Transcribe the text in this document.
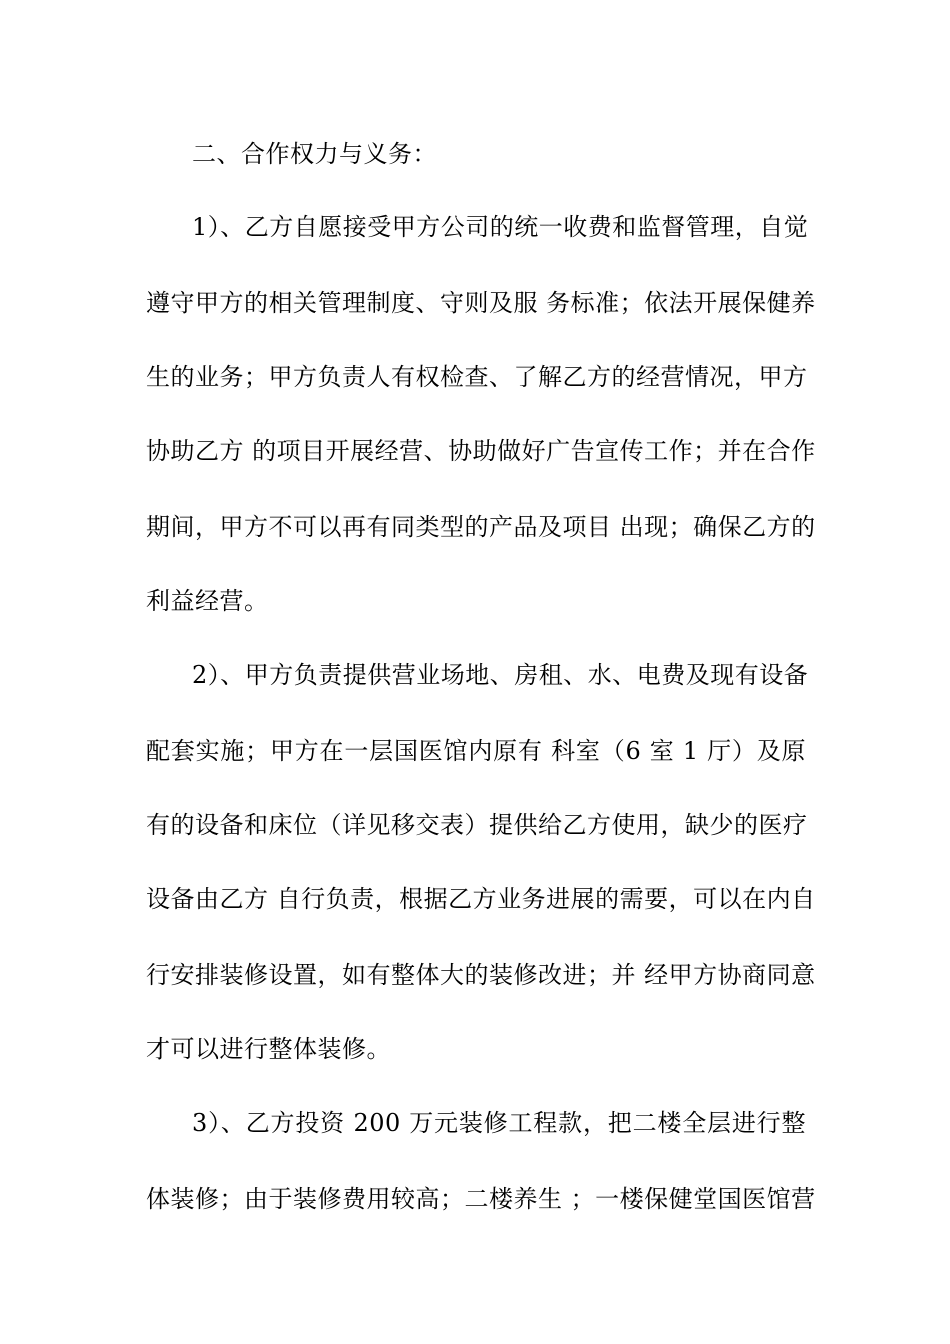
二、合作权力与义务：
1）、乙方自愿接受甲方公司的统一收费和监督管理，自觉
遵守甲方的相关管理制度、守则及服 务标准；依法开展保健养
生的业务；甲方负责人有权检查、了解乙方的经营情况，甲方
协助乙方 的项目开展经营、协助做好广告宣传工作；并在合作
期间，甲方不可以再有同类型的产品及项目 出现；确保乙方的
利益经营。
2）、甲方负责提供营业场地、房租、水、电费及现有设备
配套实施；甲方在一层国医馆内原有 科室（6 室 1 厅）及原
有的设备和床位（详见移交表）提供给乙方使用，缺少的医疗
设备由乙方 自行负责，根据乙方业务进展的需要，可以在内自
行安排装修设置，如有整体大的装修改进；并 经甲方协商同意
才可以进行整体装修。
3）、乙方投资 200 万元装修工程款，把二楼全层进行整
体装修；由于装修费用较高；二楼养生 ；一楼保健堂国医馆营
